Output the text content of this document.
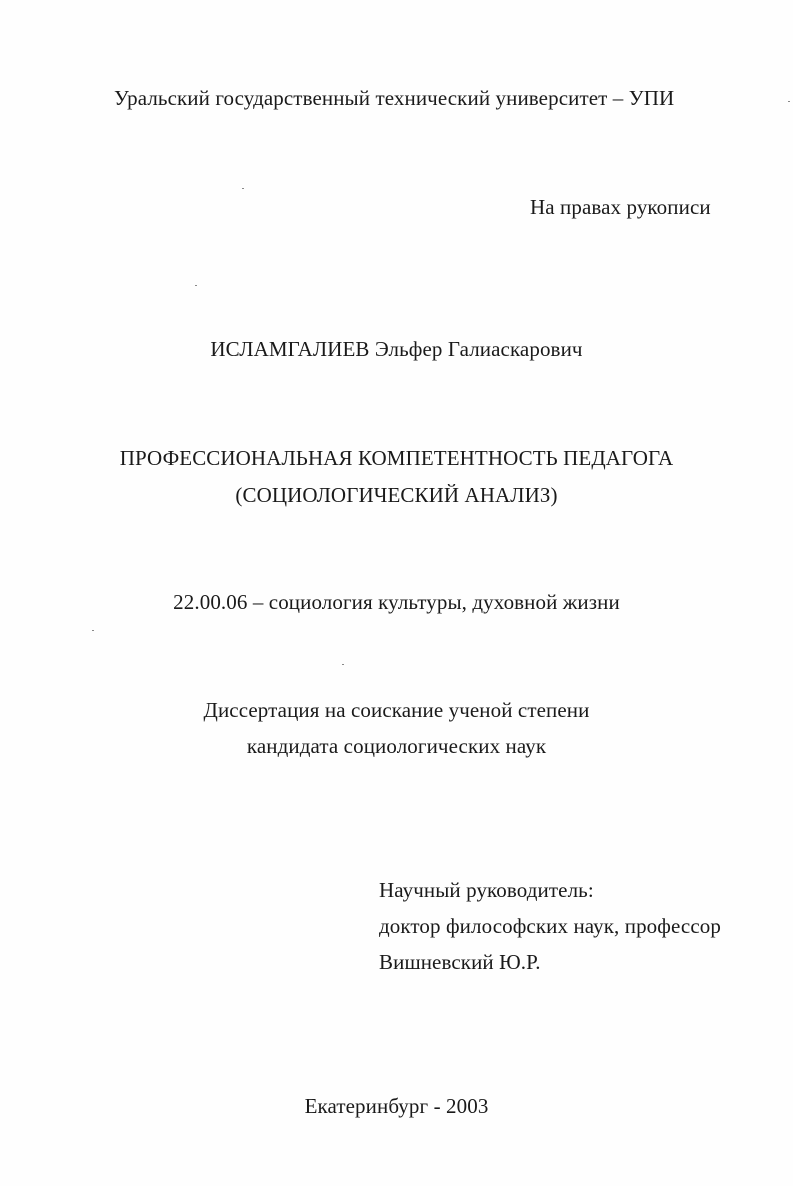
Уральский государственный технический университет – УПИ
На правах рукописи
ИСЛАМГАЛИЕВ Эльфер Галиаскарович
ПРОФЕССИОНАЛЬНАЯ КОМПЕТЕНТНОСТЬ ПЕДАГОГА
(СОЦИОЛОГИЧЕСКИЙ АНАЛИЗ)
22.00.06 – социология культуры, духовной жизни
Диссертация на соискание ученой степени
кандидата социологических наук
Научный руководитель:
доктор философских наук, профессор
Вишневский Ю.Р.
Екатеринбург - 2003
